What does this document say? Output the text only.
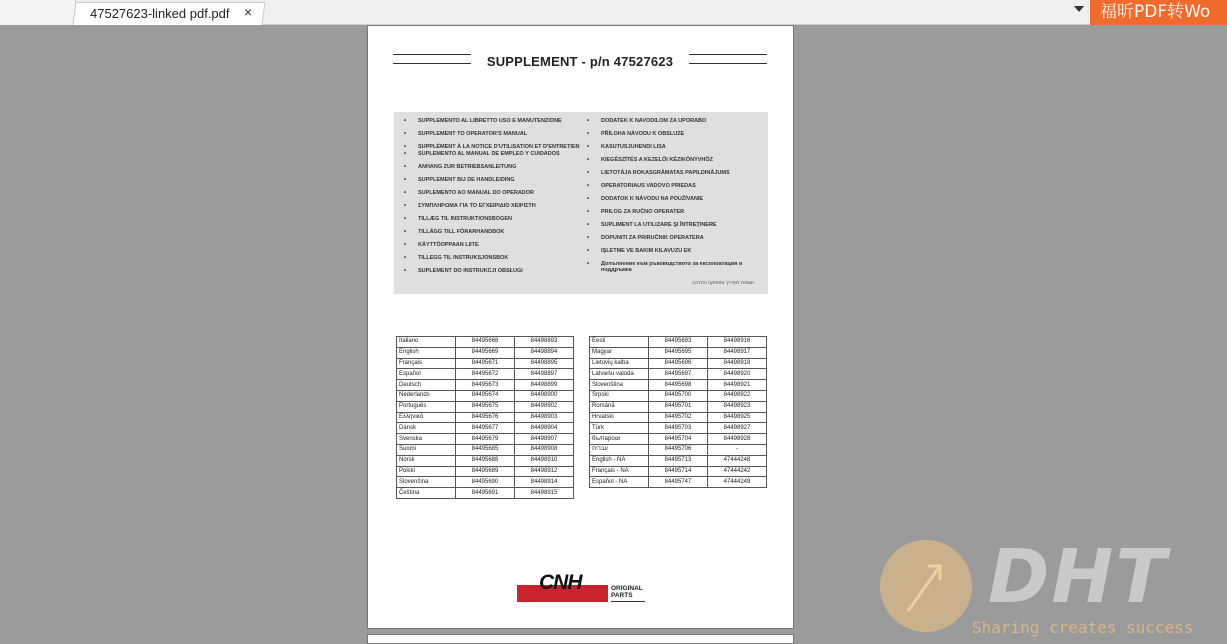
47527623-linked pdf.pdf ×	福昕PDF转Wo
SUPPLEMENT - p/n 47527623
• SUPPLEMENTO AL LIBRETTO USO E MANUTENZIONE
• SUPPLEMENT TO OPERATOR'S MANUAL
• SUPPLÉMENT À LA NOTICE D'UTILISATION ET D'ENTRETIEN
• SUPLEMENTO AL MANUAL DE EMPLEO Y CUIDADOS
• ANHANG ZUR BETRIEBSANLEITUNG
• SUPPLEMENT BIJ DE HANDLEIDING
• SUPLEMENTO AO MANUAL DO OPERADOR
• ΣΥΜΠΛΗΡΩΜΑ ΓΙΑ ΤΟ ΕΓΧΕΙΡΙΔΙΟ ΧΕΙΡΙΣΤΗ
• TILLÆG TIL INSTRUKTIONSBOGEN
• TILLÄGG TILL FÖRARHANDBOK
• KÄYTTÖOPPAAN LIITE
• TILLEGG TIL INSTRUKSJONSBOK
• SUPLEMENT DO INSTRUKCJI OBSŁUGI
• DODATEK K NAVODILOM ZA UPORABO
• PŘÍLOHA NÁVODU K OBSLUZE
• KASUTUSJUHENDI LISA
• KIEGÉSZÍTÉS A KEZELŐI KÉZIKÖNYVHÖZ
• LIETOTĀJA ROKASGRĀMATAS PAPILDINĀJUMS
• OPERATORIAUS VADOVO PRIEDAS
• DODATOK K NÁVODU NA POUŽÍVANIE
• PRILOG ZA RUČNO OPERATER
• SUPLIMENT LA UTILIZARE ŞI ÎNTREŢINERE
• DOPUNITI ZA PRIRUČNIK OPERATERA
• IŞLETME VE BAKIM KILAVUZU EK
• Допълнение към ръководството за експлоатация и поддръжка
תוספת למדריך ותחזוקה והדרכה
Italiano	84495668	84498893
English	84495669	84498894
Français	84495671	84498895
Español	84495672	84498897
Deutsch	84495673	84498899
Nederlands	84495674	84498900
Português	84495675	84498902
Ελληνικά	84495676	84498903
Dansk	84495677	84498904
Svenska	84495679	84498907
Suomi	84495685	84498908
Norsk	84495688	84498910
Polski	84495689	84498912
Slovenčina	84495690	84498914
Čeština	84495691	84498915
Eesti	84495693	84498916
Magyar	84495695	84498917
Lietuvių kalba	84495696	84498918
Latviešu valoda	84495697	84498920
Slovenština	84495698	84498921
Srpski	84495700	84498922
Română	84495701	84498923
Hrvatski	84495702	84498925
Türk	84495703	84498927
български	84495704	84498928
עברית	84495706	-
English - NA	84495713	47444248
Français - NA	84495714	47444242
Español - NA	84495747	47444249
CNH	ORIGINAL
PARTS	DHT
Sharing creates success
